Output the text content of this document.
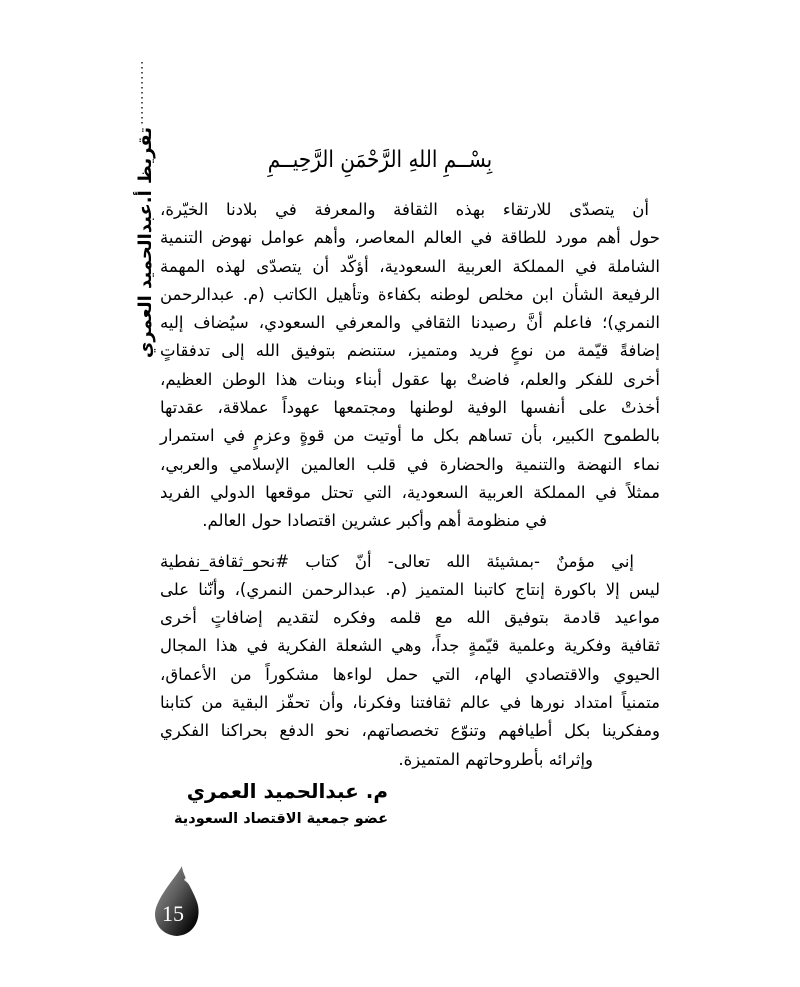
تقريظ أ.عبدالحميد العمري	بِسْــمِ اللهِ الرَّحْمَنِ الرَّحِيــمِ
أن يتصدّى للارتقاء بهذه الثقافة والمعرفة في بلادنا الخيّرة،
حول أهم مورد للطاقة في العالم المعاصر، وأهم عوامل نهوض التنمية
الشاملة في المملكة العربية السعودية، أؤكّد أن يتصدّى لهذه المهمة
الرفيعة الشأن ابن مخلص لوطنه بكفاءة وتأهيل الكاتب (م. عبدالرحمن
النمري)؛ فاعلم أنَّ رصيدنا الثقافي والمعرفي السعودي، سيُضاف إليه
إضافةً قيّمة من نوعٍ فريد ومتميز، ستنضم بتوفيق الله إلى تدفقاتٍ
أخرى للفكر والعلم، فاضتْ بها عقول أبناء وبنات هذا الوطن العظيم،
أخذتْ على أنفسها الوفية لوطنها ومجتمعها عهوداً عملاقة، عقدتها
بالطموح الكبير، بأن تساهم بكل ما أوتيت من قوةٍ وعزمٍ في استمرار
نماء النهضة والتنمية والحضارة في قلب العالمين الإسلامي والعربي،
ممثلاً في المملكة العربية السعودية، التي تحتل موقعها الدولي الفريد
في منظومة أهم وأكبر عشرين اقتصادا حول العالم.
إني مؤمنٌ -بمشيئة الله تعالى- أنّ كتاب #نحو_ثقافة_نفطية
ليس إلا باكورة إنتاج كاتبنا المتميز (م. عبدالرحمن النمري)، وأنّنا على
مواعيد قادمة بتوفيق الله مع قلمه وفكره لتقديم إضافاتٍ أخرى
ثقافية وفكرية وعلمية قيّمةٍ جداً، وهي الشعلة الفكرية في هذا المجال
الحيوي والاقتصادي الهام، التي حمل لواءها مشكوراً من الأعماق،
متمنياً امتداد نورها في عالم ثقافتنا وفكرنا، وأن تحفّز البقية من كتابنا
ومفكرينا بكل أطيافهم وتنوّع تخصصاتهم، نحو الدفع بحراكنا الفكري
وإثرائه بأطروحاتهم المتميزة.
م. عبدالحميد العمري
عضو جمعية الاقتصاد السعودية
15
